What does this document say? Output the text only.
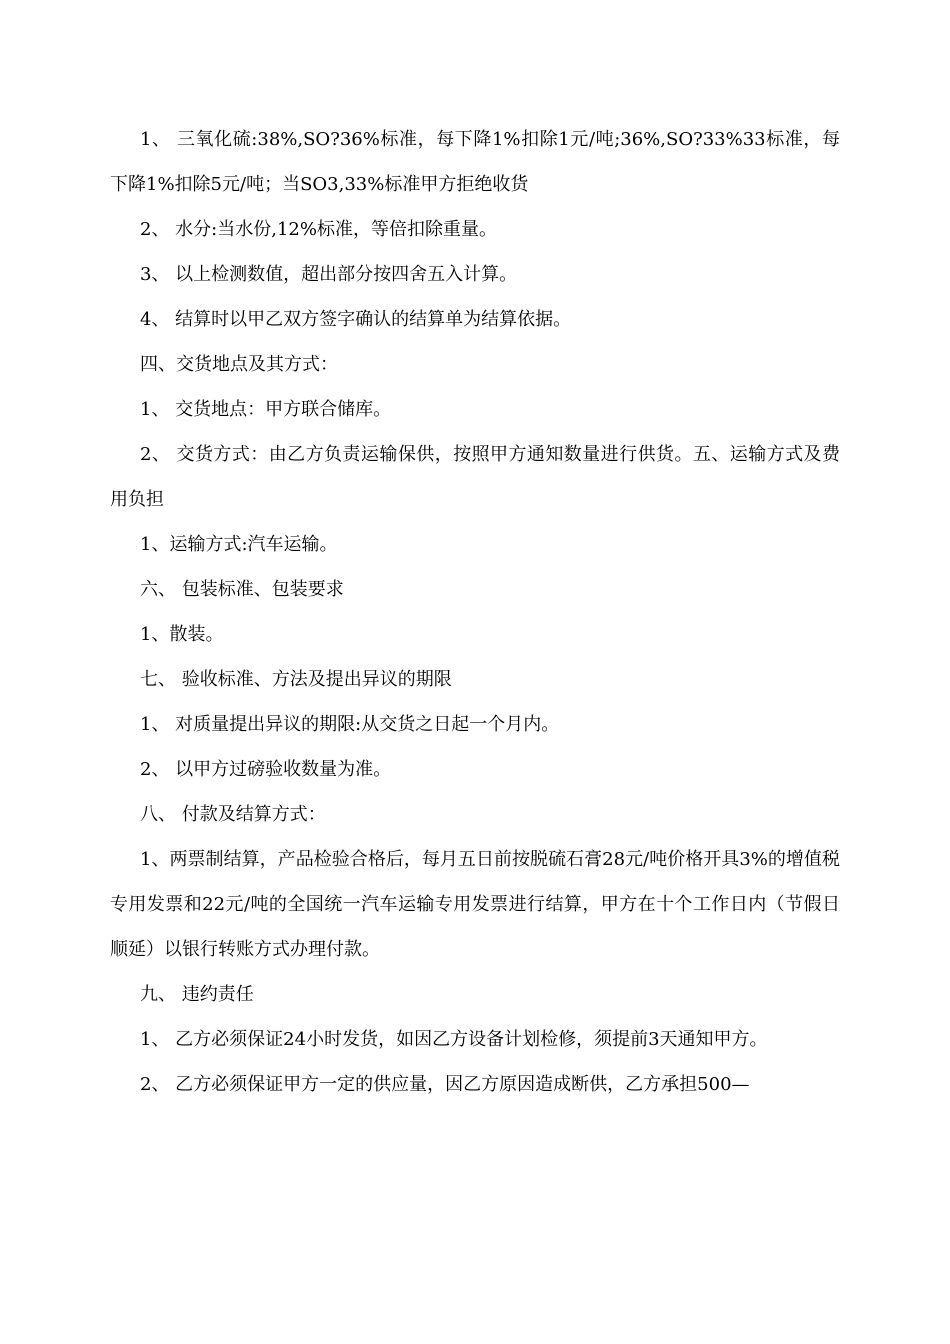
1、 三氧化硫:38%,SO?36%标准，每下降1%扣除1元/吨;36%,SO?33%33标准，每下降1%扣除5元/吨；当SO3,33%标准甲方拒绝收货

2、 水分:当水份,12%标准，等倍扣除重量。

3、 以上检测数值，超出部分按四舍五入计算。

4、 结算时以甲乙双方签字确认的结算单为结算依据。

四、交货地点及其方式：

1、 交货地点：甲方联合储库。

2、 交货方式：由乙方负责运输保供，按照甲方通知数量进行供货。五、运输方式及费用负担

1、运输方式:汽车运输。

六、 包装标准、包装要求

1、散装。

七、 验收标准、方法及提出异议的期限

1、 对质量提出异议的期限:从交货之日起一个月内。

2、 以甲方过磅验收数量为准。

八、 付款及结算方式：

1、两票制结算，产品检验合格后，每月五日前按脱硫石膏28元/吨价格开具3%的增值税专用发票和22元/吨的全国统一汽车运输专用发票进行结算，甲方在十个工作日内（节假日顺延）以银行转账方式办理付款。

九、 违约责任

1、 乙方必须保证24小时发货，如因乙方设备计划检修，须提前3天通知甲方。

2、 乙方必须保证甲方一定的供应量，因乙方原因造成断供，乙方承担500—
